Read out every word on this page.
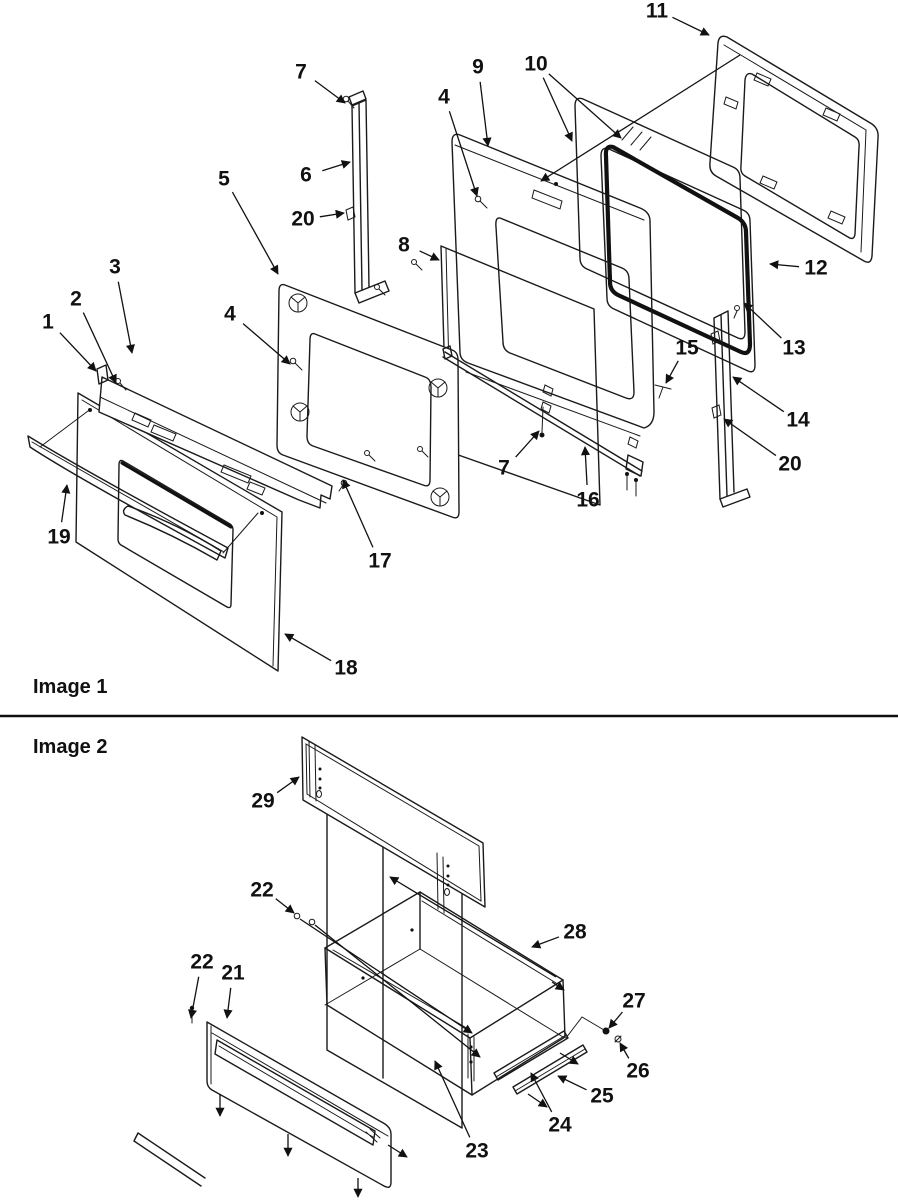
Image 1
1
2
3
4
5	6
7
20
8
4
9 10
11
12
13
15
14
20
7
16
19
17
18
Image 2
29
22
28
22 21
27
26
25
24
23
